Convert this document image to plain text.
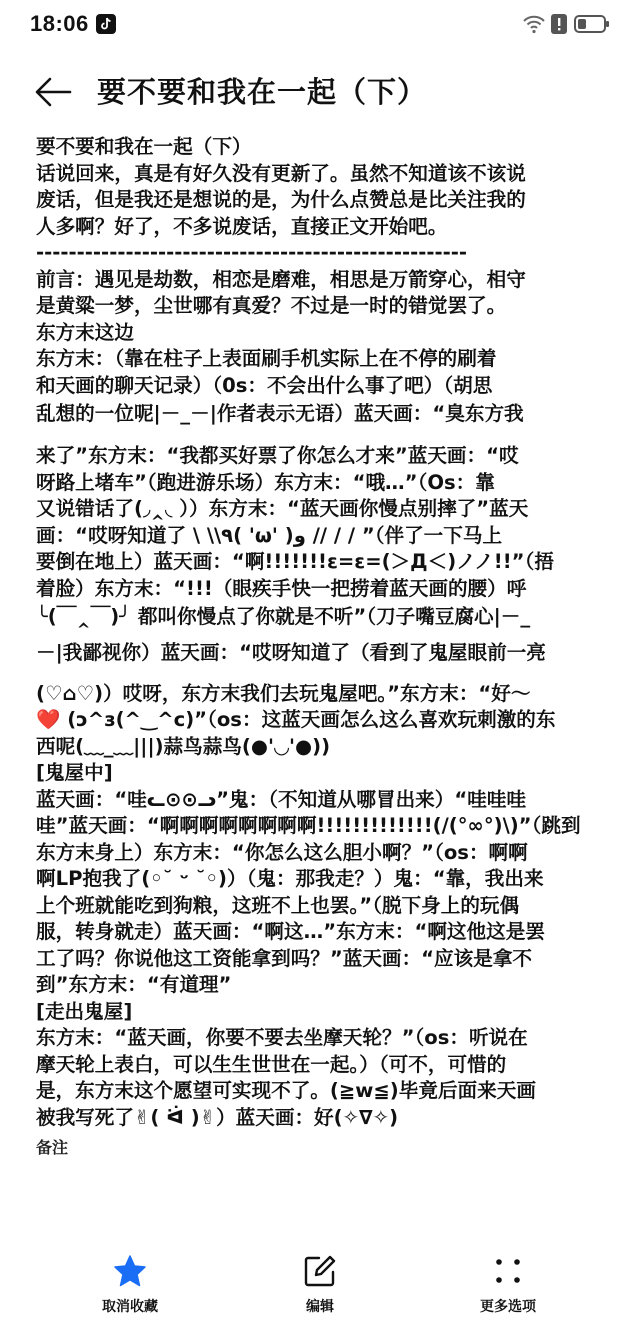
18:06
要不要和我在一起（下）

要不要和我在一起（下）

话说回来，真是有好久没有更新了。虽然不知道该不该说

废话，但是我还是想说的是，为什么点赞总是比关注我的

人多啊？好了，不多说废话，直接正文开始吧。

-----------------------------------------------------

前言：遇见是劫数，相恋是磨难，相思是万箭穿心，相守

是黄粱一梦，尘世哪有真爱？不过是一时的错觉罢了。

东方末这边

东方末：（靠在柱子上表面刷手机实际上在不停的刷着

和天画的聊天记录）（0s：不会出什么事了吧）（胡思

乱想的一位呢|－_－|作者表示无语）蓝天画：“臭东方我

来了”东方末：“我都买好票了你怎么才来”蓝天画：“哎

呀路上堵车”（跑进游乐场）东方末：“哦…”（Os：靠

又说错话了(◞‸◟ ））东方末：“蓝天画你慢点别摔了”蓝天

画：“哎呀知道了 \ \\٩( 'ω' )و // / / ”（伴了一下马上

要倒在地上）蓝天画：“啊!!!!!!!ε=ε=(＞Д＜)ノノ!!”（捂

着脸）东方末：“!!!（眼疾手快一把捞着蓝天画的腰）呼

╰(￣‸￣)╯ 都叫你慢点了你就是不听”（刀子嘴豆腐心|－_

－|我鄙视你）蓝天画：“哎呀知道了（看到了鬼屋眼前一亮

(♡⌂♡)）哎呀，东方末我们去玩鬼屋吧。”东方末：“好～

❤️ (ↄ^з(^‿^c)”（os：这蓝天画怎么这么喜欢玩刺激的东

西呢(﹏_﹏|||)蒜鸟蒜鸟(●'◡'●))

[鬼屋中]

蓝天画：“哇ᓚ⊙⊙ᓗ”鬼：（不知道从哪冒出来）“哇哇哇

哇”蓝天画：“啊啊啊啊啊啊啊啊!!!!!!!!!!!!!(/(°∞°)\)”（跳到

东方末身上）东方末：“你怎么这么胆小啊？”（os：啊啊

啊LP抱我了(◦˘ ᵕ ˘◦)）（鬼：那我走？）鬼：“靠，我出来

上个班就能吃到狗粮，这班不上也罢。”（脱下身上的玩偶

服，转身就走）蓝天画：“啊这…”东方末：“啊这他这是罢

工了吗？你说他这工资能拿到吗？”蓝天画：“应该是拿不

到”东方末：“有道理”

[走出鬼屋]

东方末：“蓝天画，你要不要去坐摩天轮？”（os：听说在

摩天轮上表白，可以生生世世在一起。）（可不，可惜的

是，东方末这个愿望可实现不了。(≧w≦)毕竟后面来天画

被我写死了✌︎( ᐛ )✌︎）蓝天画：好(✧∇✧)

备注

取消收藏	编辑	更多选项
